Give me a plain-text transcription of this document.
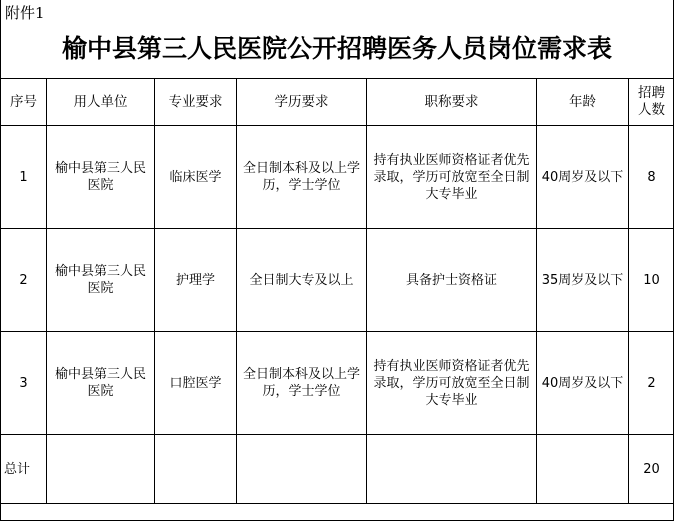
附件1
榆中县第三人民医院公开招聘医务人员岗位需求表
序号	用人单位	专业要求	学历要求	职称要求	年龄	招聘人数
1	榆中县第三人民医院	临床医学	全日制本科及以上学历，学士学位	持有执业医师资格证者优先录取，学历可放宽至全日制大专毕业	40周岁及以下	8
2	榆中县第三人民医院	护理学	全日制大专及以上	具备护士资格证	35周岁及以下	10
3	榆中县第三人民医院	口腔医学	全日制本科及以上学历，学士学位	持有执业医师资格证者优先录取，学历可放宽至全日制大专毕业	40周岁及以下	2
总计						20
